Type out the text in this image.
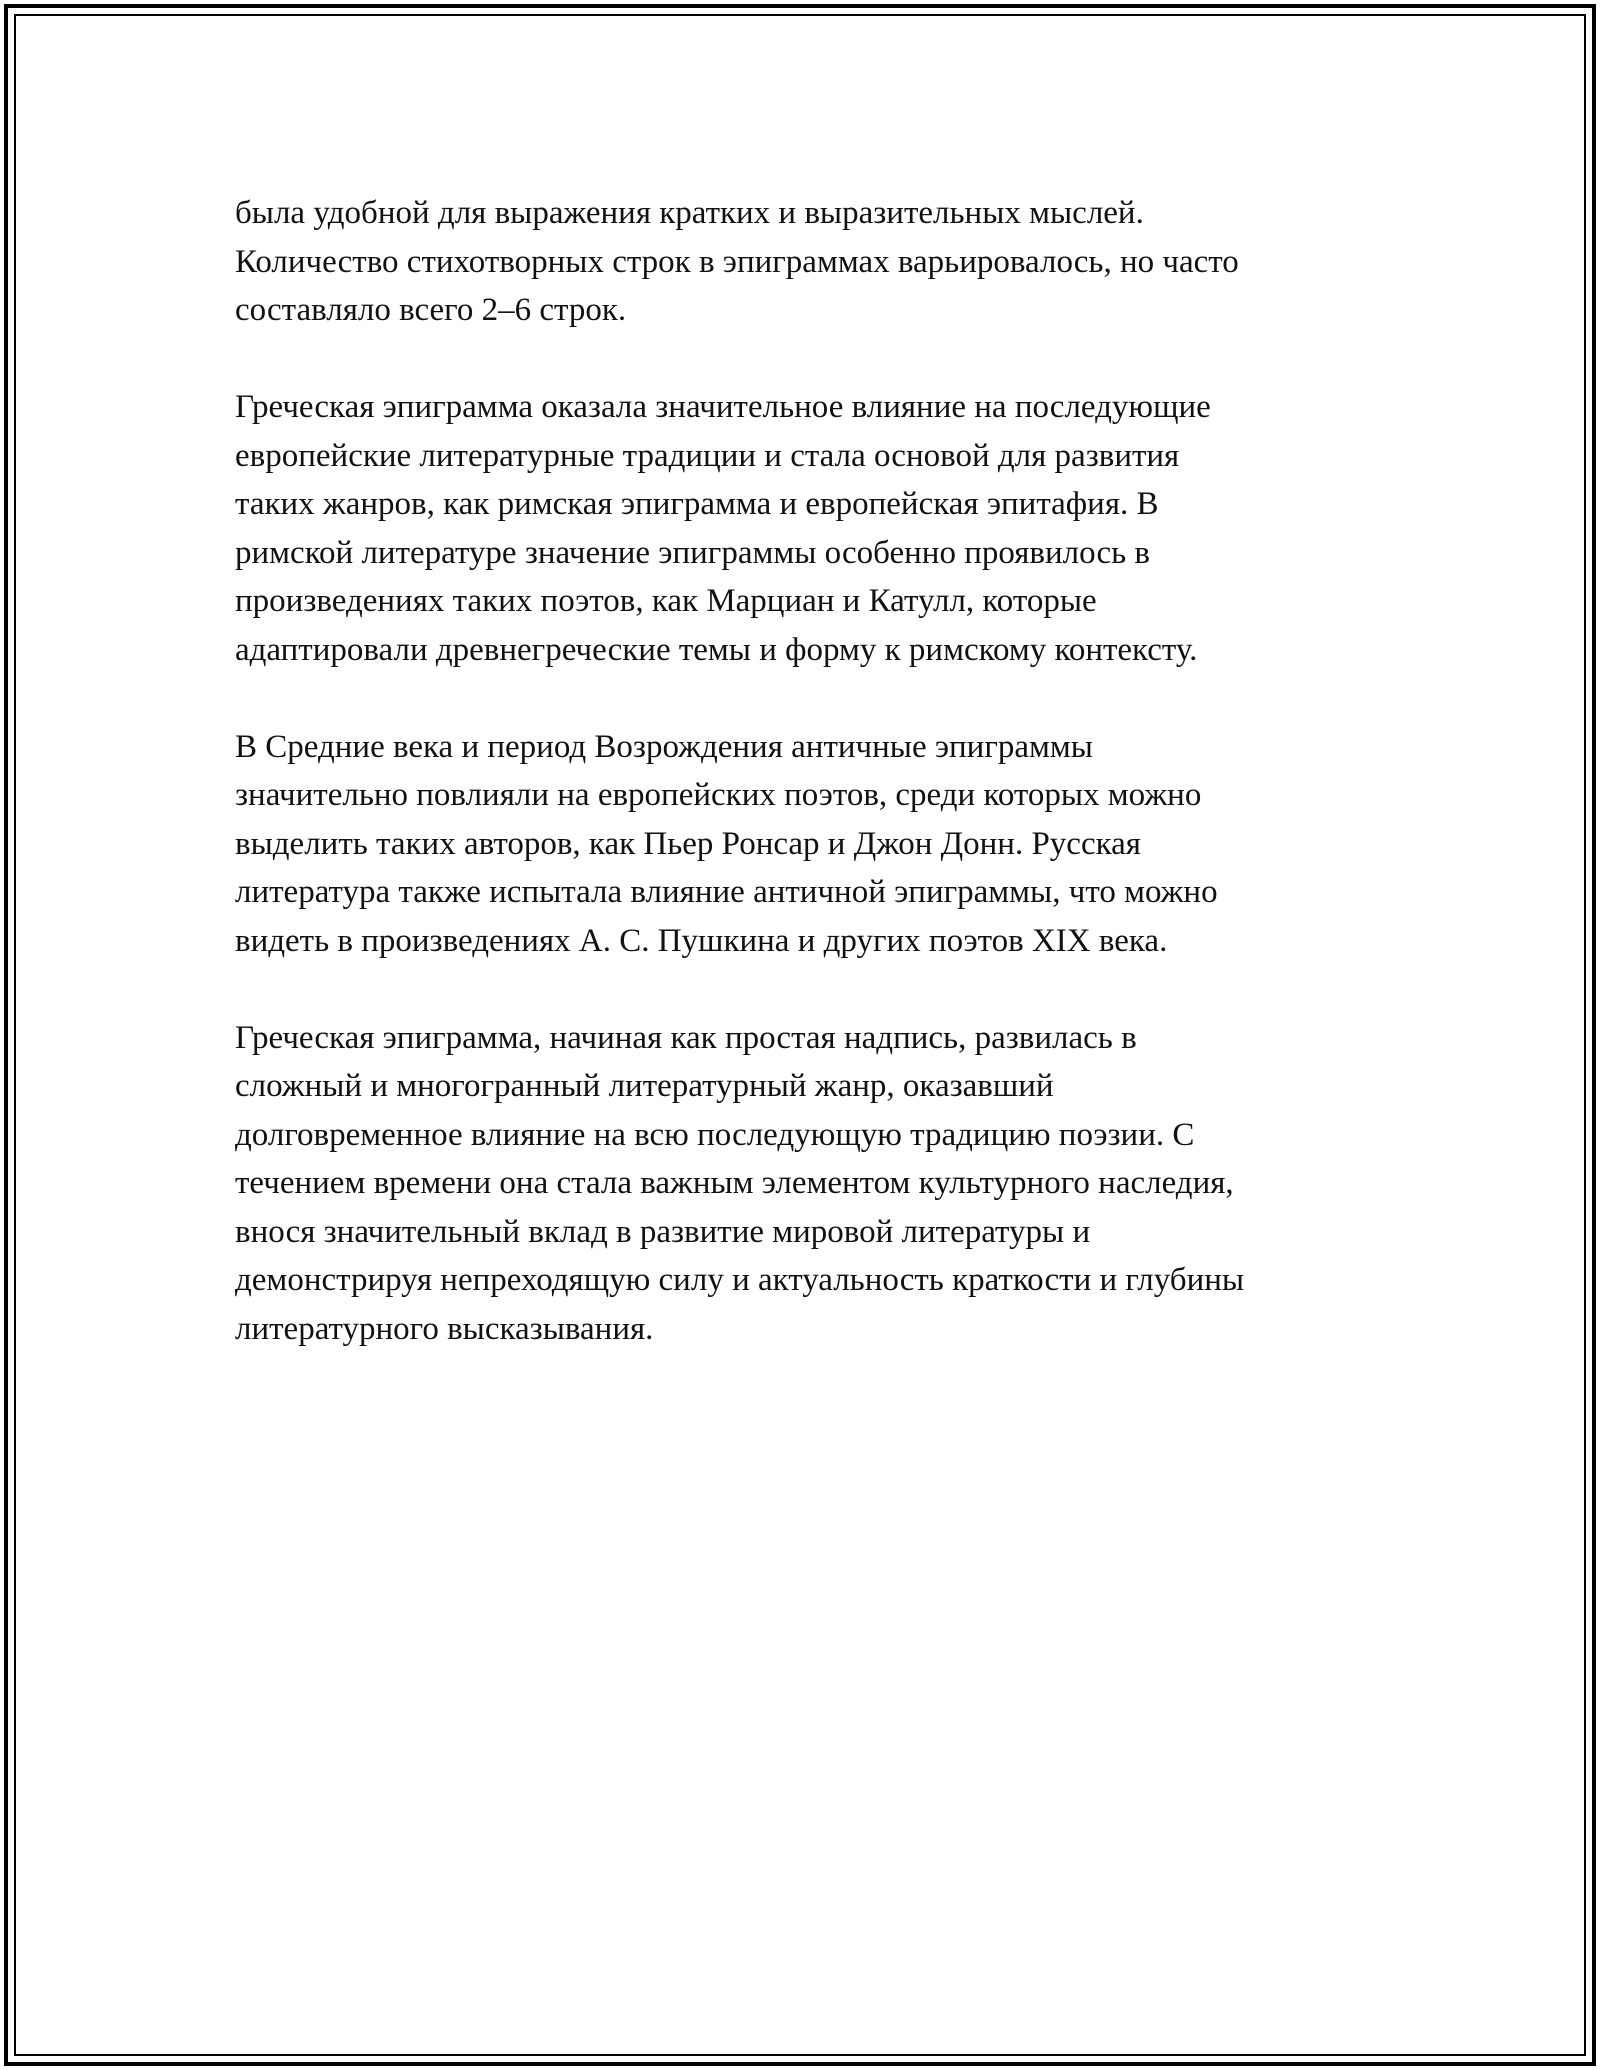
была удобной для выражения кратких и выразительных мыслей.
Количество стихотворных строк в эпиграммах варьировалось, но часто
составляло всего 2–6 строк.

Греческая эпиграмма оказала значительное влияние на последующие
европейские литературные традиции и стала основой для развития
таких жанров, как римская эпиграмма и европейская эпитафия. В
римской литературе значение эпиграммы особенно проявилось в
произведениях таких поэтов, как Марциан и Катулл, которые
адаптировали древнегреческие темы и форму к римскому контексту.

В Средние века и период Возрождения античные эпиграммы
значительно повлияли на европейских поэтов, среди которых можно
выделить таких авторов, как Пьер Ронсар и Джон Донн. Русская
литература также испытала влияние античной эпиграммы, что можно
видеть в произведениях А. С. Пушкина и других поэтов XIX века.

Греческая эпиграмма, начиная как простая надпись, развилась в
сложный и многогранный литературный жанр, оказавший
долговременное влияние на всю последующую традицию поэзии. С
течением времени она стала важным элементом культурного наследия,
внося значительный вклад в развитие мировой литературы и
демонстрируя непреходящую силу и актуальность краткости и глубины
литературного высказывания.
